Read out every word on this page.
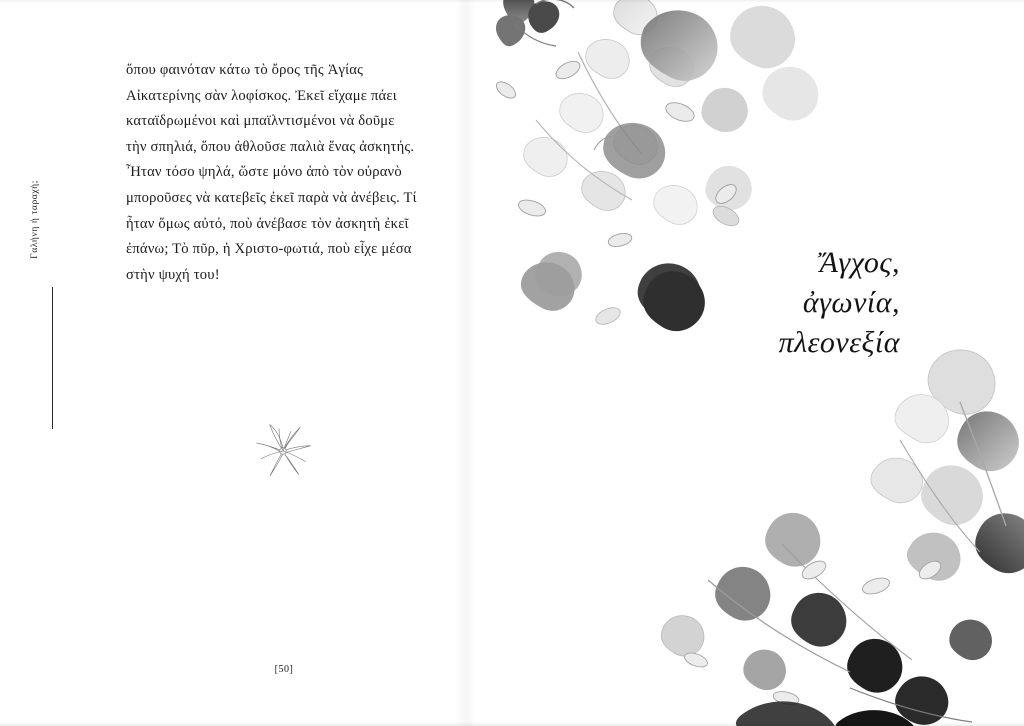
ὅπου φαινόταν κάτω τὸ ὄρος τῆς Ἁγίας Αἰκατερίνης σὰν λοφίσκος. Ἐκεῖ εἴχαμε πάει καταϊδρωμένοι καὶ μπαϊλντισμένοι νὰ δοῦμε τὴν σπηλιά, ὅπου ἀθλοῦσε παλιὰ ἕνας ἀσκητής. Ἦταν τόσο ψηλά, ὥστε μόνο ἀπὸ τὸν οὐρανὸ μποροῦσες νὰ κατεβεῖς ἐκεῖ παρὰ νὰ ἀνέβεις. Τί ἦταν ὅμως αὐτό, ποὺ ἀνέβασε τὸν ἀσκητὴ ἐκεῖ ἐπάνω; Τὸ πῦρ, ἡ Χριστο-φωτιά, ποὺ εἶχε μέσα στὴν ψυχή του!

Γαλήνη ἡ ταραχή;
[50]
Ἄγχος,
ἀγωνία,
πλεονεξία
